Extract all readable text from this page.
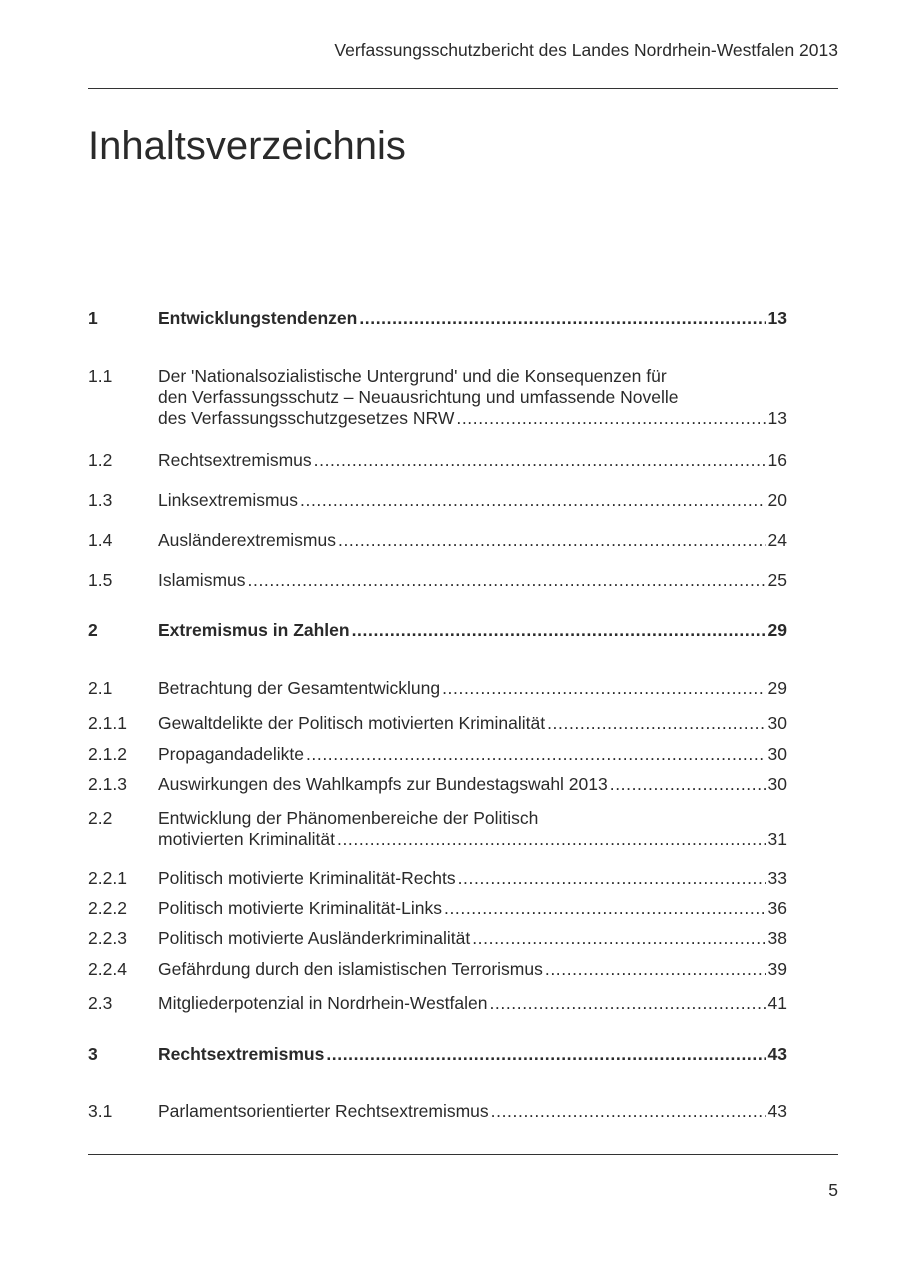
Verfassungsschutzbericht des Landes Nordrhein-Westfalen 2013
Inhaltsverzeichnis
1	Entwicklungstendenzen .....	13
1.1	Der 'Nationalsozialistische Untergrund' und die Konsequenzen für
den Verfassungsschutz – Neuausrichtung und umfassende Novelle
des Verfassungsschutzgesetzes NRW .....	13
1.2	Rechtsextremismus .....	16
1.3	Linksextremismus .....	20
1.4	Ausländerextremismus .....	24
1.5	Islamismus .....	25
2	Extremismus in Zahlen .....	29
2.1	Betrachtung der Gesamtentwicklung .....	29
2.1.1 Gewaltdelikte der Politisch motivierten Kriminalität .....	30
2.1.2 Propagandadelikte .....	30
2.1.3 Auswirkungen des Wahlkampfs zur Bundestagswahl 2013 .....	30
2.2	Entwicklung der Phänomenbereiche der Politisch
motivierten Kriminalität .....	31
2.2.1 Politisch motivierte Kriminalität-Rechts .....	33
2.2.2 Politisch motivierte Kriminalität-Links .....	36
2.2.3 Politisch motivierte Ausländerkriminalität .....	38
2.2.4 Gefährdung durch den islamistischen Terrorismus .....	39
2.3	Mitgliederpotenzial in Nordrhein-Westfalen .....	41
3	Rechtsextremismus .....	43
3.1	Parlamentsorientierter Rechtsextremismus .....	43
5
